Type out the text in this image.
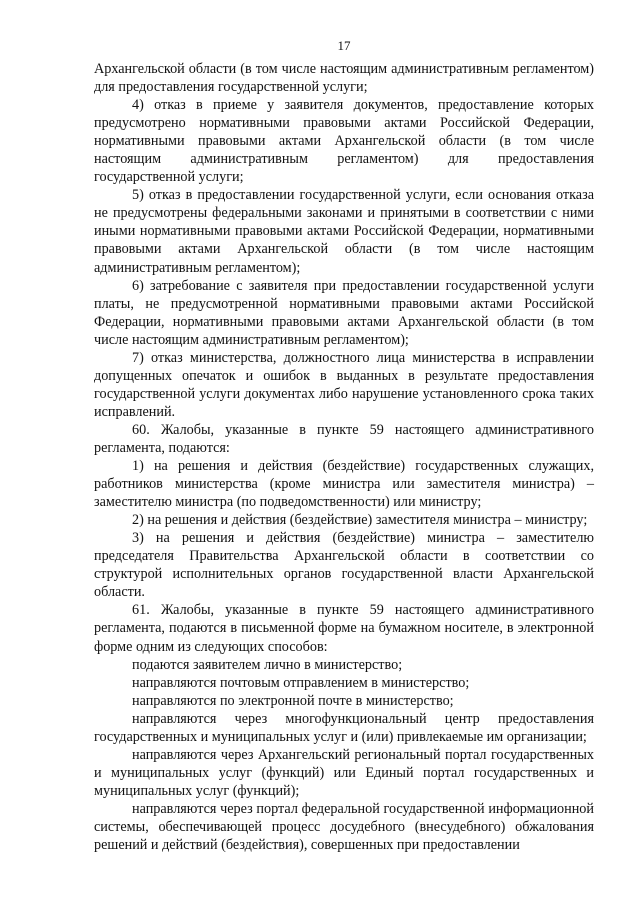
17

Архангельской области (в том числе настоящим административным регламентом) для предоставления государственной услуги;

4) отказ в приеме у заявителя документов, предоставление которых предусмотрено нормативными правовыми актами Российской Федерации, нормативными правовыми актами Архангельской области (в том числе настоящим административным регламентом) для предоставления государственной услуги;

5) отказ в предоставлении государственной услуги, если основания отказа не предусмотрены федеральными законами и принятыми в соответствии с ними иными нормативными правовыми актами Российской Федерации, нормативными правовыми актами Архангельской области (в том числе настоящим административным регламентом);

6) затребование с заявителя при предоставлении государственной услуги платы, не предусмотренной нормативными правовыми актами Российской Федерации, нормативными правовыми актами Архангельской области (в том числе настоящим административным регламентом);

7) отказ министерства, должностного лица министерства в исправлении допущенных опечаток и ошибок в выданных в результате предоставления государственной услуги документах либо нарушение установленного срока таких исправлений.

60. Жалобы, указанные в пункте 59 настоящего административного регламента, подаются:

1) на решения и действия (бездействие) государственных служащих, работников министерства (кроме министра или заместителя министра) – заместителю министра (по подведомственности) или министру;

2) на решения и действия (бездействие) заместителя министра – министру;

3) на решения и действия (бездействие) министра – заместителю председателя Правительства Архангельской области в соответствии со структурой исполнительных органов государственной власти Архангельской области.

61. Жалобы, указанные в пункте 59 настоящего административного регламента, подаются в письменной форме на бумажном носителе, в электронной форме одним из следующих способов:

подаются заявителем лично в министерство;

направляются почтовым отправлением в министерство;

направляются по электронной почте в министерство;

направляются через многофункциональный центр предоставления государственных и муниципальных услуг и (или) привлекаемые им организации;

направляются через Архангельский региональный портал государственных и муниципальных услуг (функций) или Единый портал государственных и муниципальных услуг (функций);

направляются через портал федеральной государственной информационной системы, обеспечивающей процесс досудебного (внесудебного) обжалования решений и действий (бездействия), совершенных при предоставлении
